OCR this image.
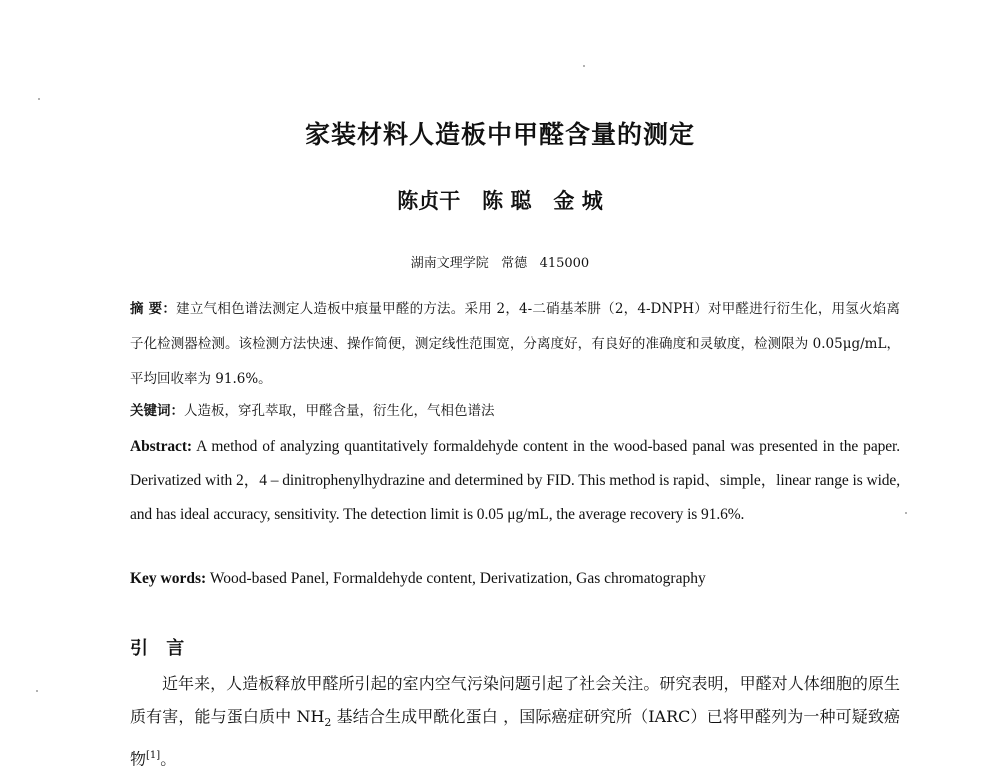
家装材料人造板中甲醛含量的测定
陈贞干   陈 聪   金 城
湖南文理学院   常德   415000
摘 要：建立气相色谱法测定人造板中痕量甲醛的方法。采用 2，4-二硝基苯肼（2，4-DNPH）对甲醛进行衍生化，用氢火焰离子化检测器检测。该检测方法快速、操作简便，测定线性范围宽，分离度好，有良好的准确度和灵敏度，检测限为 0.05μg/mL，平均回收率为 91.6%。
关键词：人造板，穿孔萃取，甲醛含量，衍生化，气相色谱法
Abstract: A method of analyzing quantitatively formaldehyde content in the wood-based panal was presented in the paper. Derivatized with 2，4 – dinitrophenylhydrazine and determined by FID. This method is rapid、simple，linear range is wide, and has ideal accuracy, sensitivity. The detection limit is 0.05 μg/mL, the average recovery is 91.6%.
Key words: Wood-based Panel, Formaldehyde content, Derivatization, Gas chromatography
引 言

近年来，人造板释放甲醛所引起的室内空气污染问题引起了社会关注。研究表明，甲醛对人体细胞的原生质有害，能与蛋白质中 $NH_2$ 基结合生成甲酰化蛋白 ，国际癌症研究所（IARC）已将甲醛列为一种可疑致癌物[1]。
